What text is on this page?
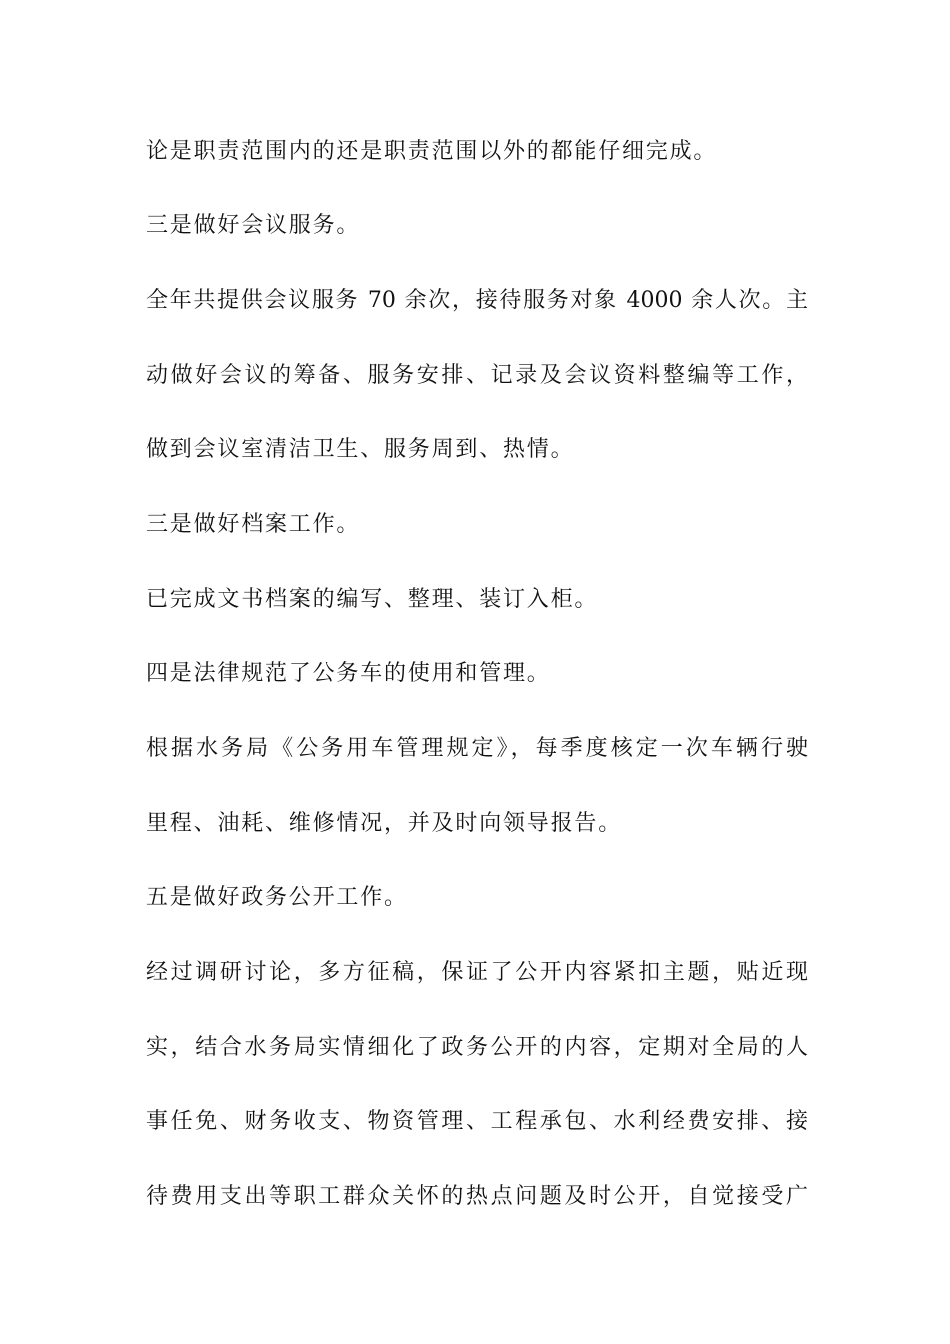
论是职责范围内的还是职责范围以外的都能仔细完成。

三是做好会议服务。

全年共提供会议服务 70 余次，接待服务对象 4000 余人次。主

动做好会议的筹备、服务安排、记录及会议资料整编等工作，

做到会议室清洁卫生、服务周到、热情。

三是做好档案工作。

已完成文书档案的编写、整理、装订入柜。

四是法律规范了公务车的使用和管理。

根据水务局《公务用车管理规定》，每季度核定一次车辆行驶

里程、油耗、维修情况，并及时向领导报告。

五是做好政务公开工作。

经过调研讨论，多方征稿，保证了公开内容紧扣主题，贴近现

实，结合水务局实情细化了政务公开的内容，定期对全局的人

事任免、财务收支、物资管理、工程承包、水利经费安排、接

待费用支出等职工群众关怀的热点问题及时公开，自觉接受广
